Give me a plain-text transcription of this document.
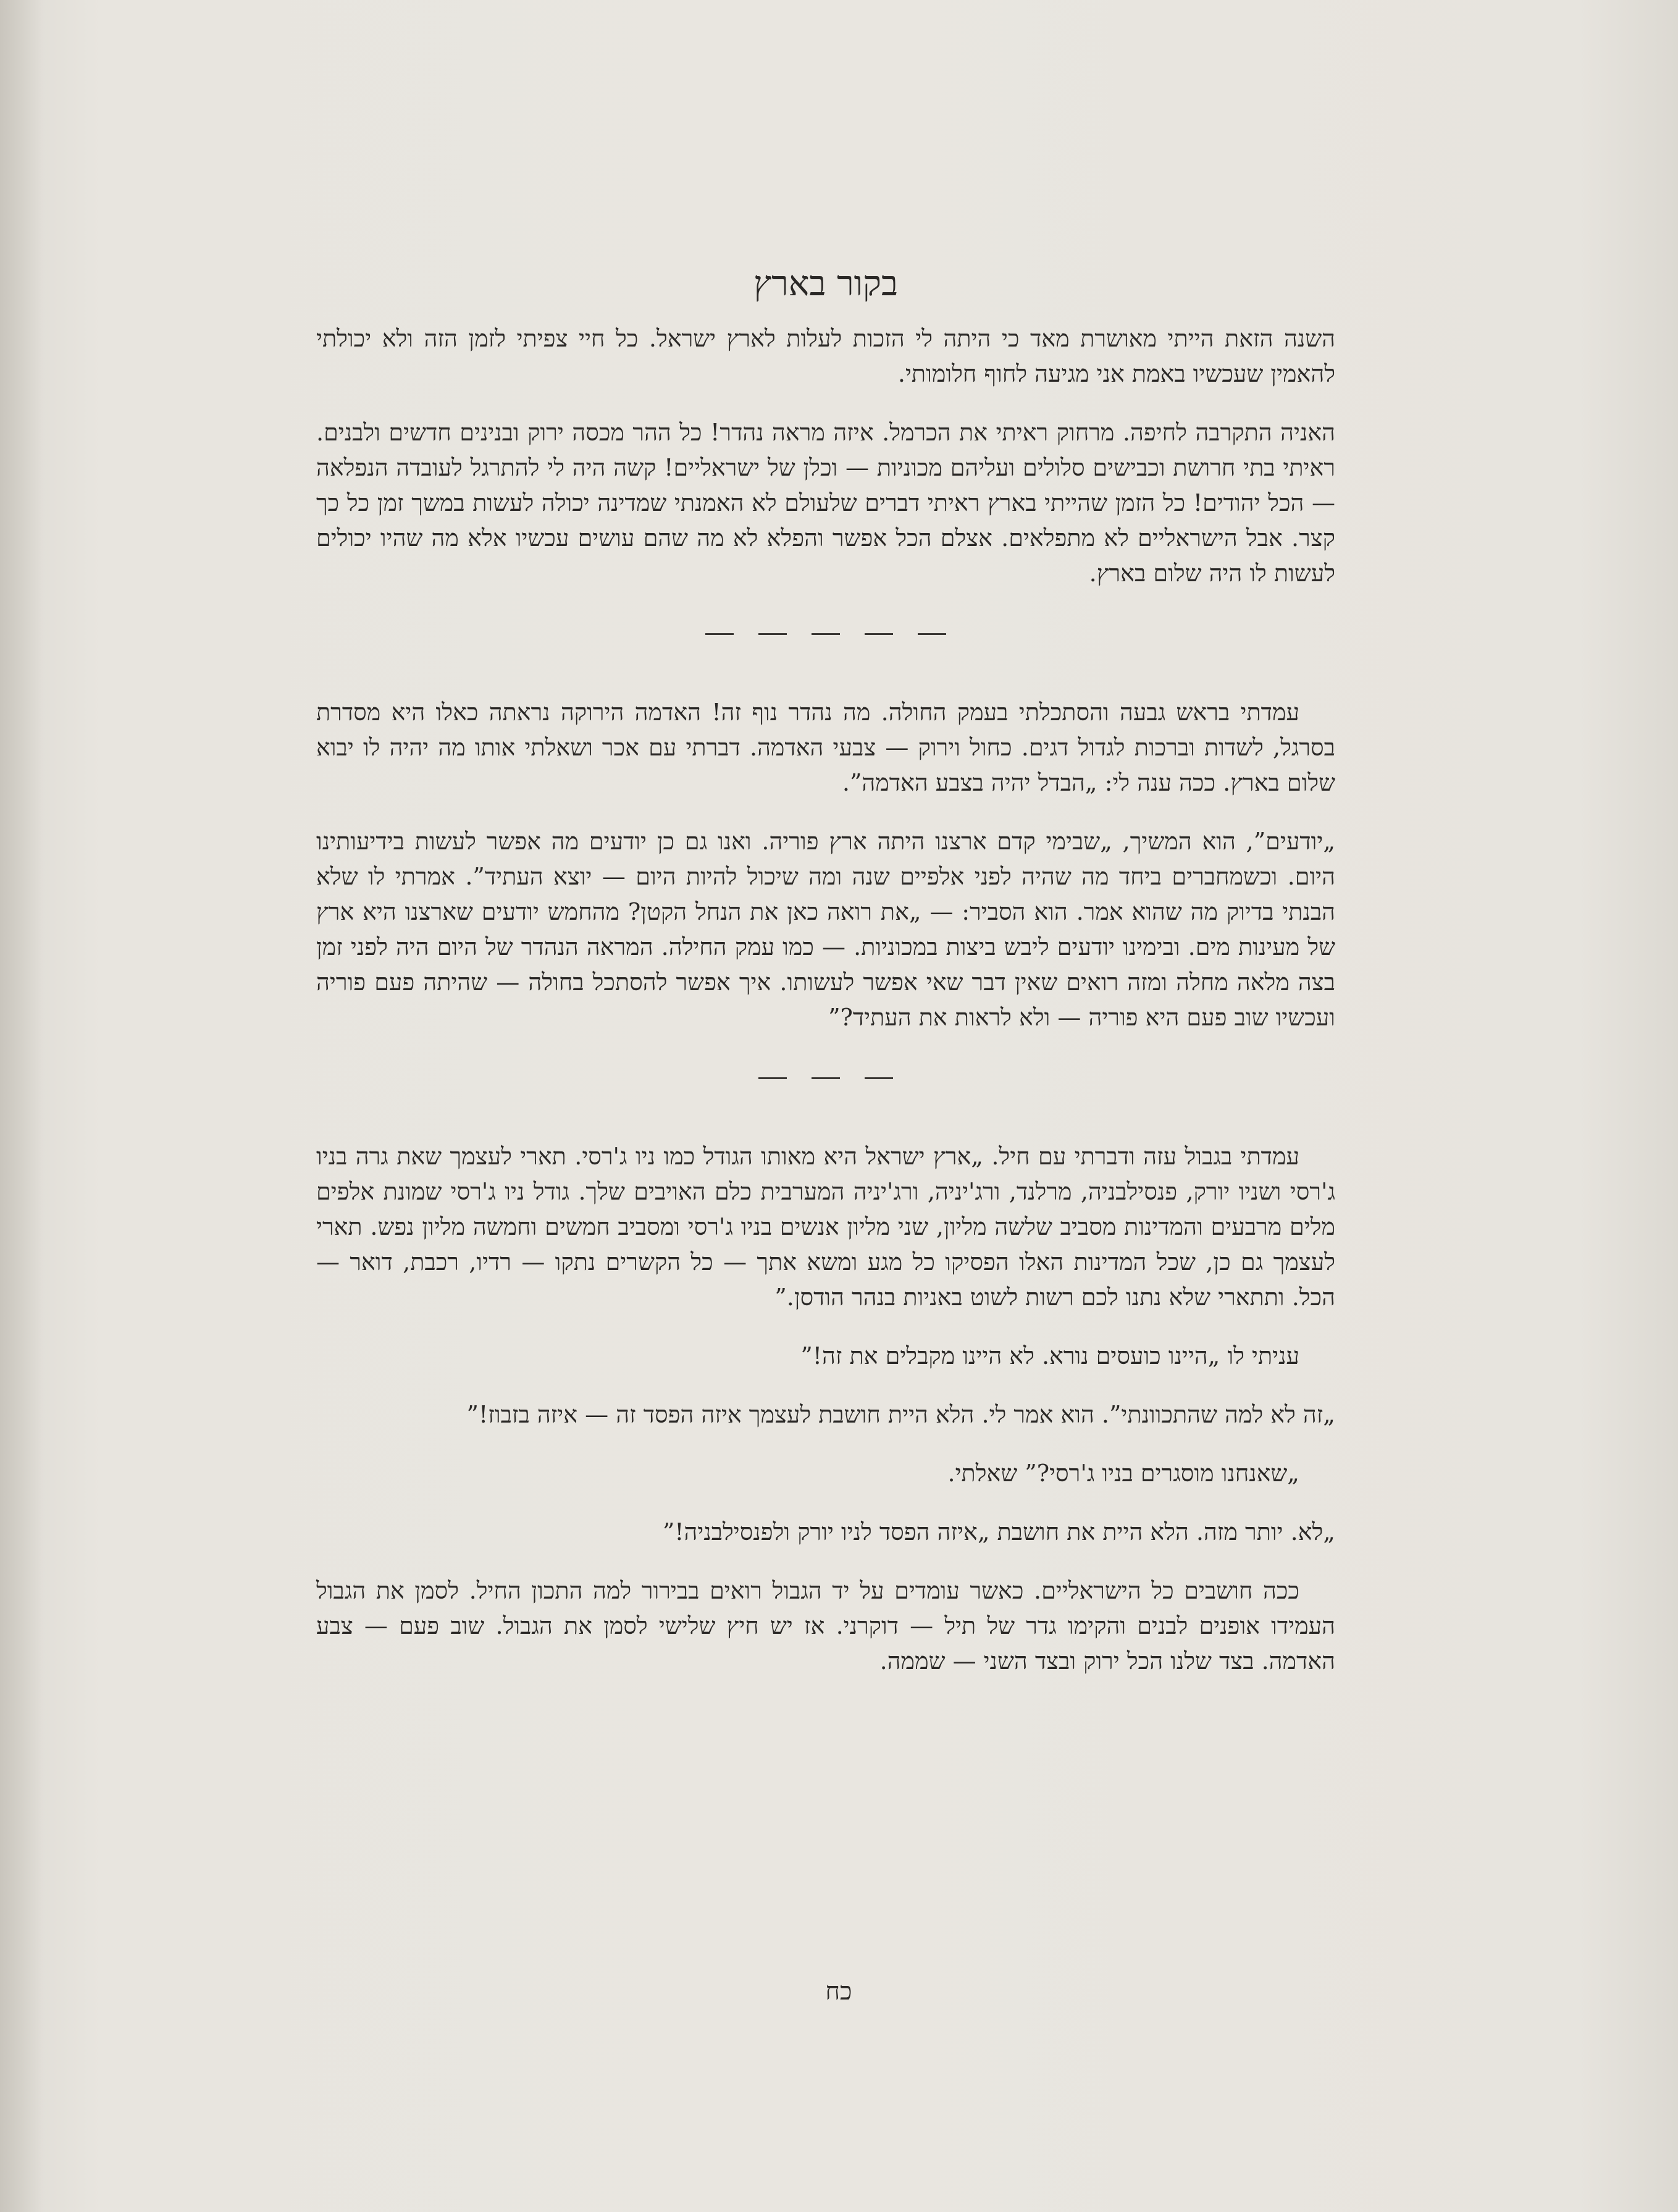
בקור בארץ

השנה הזאת הייתי מאושרת מאד כי היתה לי הזכות לעלות לארץ ישראל. כל חיי צפיתי לזמן הזה ולא יכולתי להאמין שעכשיו באמת אני מגיעה לחוף חלומותי.

האניה התקרבה לחיפה. מרחוק ראיתי את הכרמל. איזה מראה נהדר! כל ההר מכסה ירוק ובנינים חדשים ולבנים. ראיתי בתי חרושת וכבישים סלולים ועליהם מכוניות — וכלן של ישראליים! קשה היה לי להתרגל לעובדה הנפלאה — הכל יהודים! כל הזמן שהייתי בארץ ראיתי דברים שלעולם לא האמנתי שמדינה יכולה לעשות במשך זמן כל כך קצר. אבל הישראליים לא מתפלאים. אצלם הכל אפשר והפלא לא מה שהם עושים עכשיו אלא מה שהיו יכולים לעשות לו היה שלום בארץ.

עמדתי בראש גבעה והסתכלתי בעמק החולה. מה נהדר נוף זה! האדמה הירוקה נראתה כאלו היא מסדרת בסרגל, לשדות וברכות לגדול דגים. כחול וירוק — צבעי האדמה. דברתי עם אכר ושאלתי אותו מה יהיה לו יבוא שלום בארץ. ככה ענה לי: „הבדל יהיה בצבע האדמה”.

„יודעים”, הוא המשיך, „שבימי קדם ארצנו היתה ארץ פוריה. ואנו גם כן יודעים מה אפשר לעשות בידיעותינו היום. וכשמחברים ביחד מה שהיה לפני אלפיים שנה ומה שיכול להיות היום — יוצא העתיד”. אמרתי לו שלא הבנתי בדיוק מה שהוא אמר. הוא הסביר: — „את רואה כאן את הנחל הקטן? מהחמש יודעים שארצנו היא ארץ של מעינות מים. ובימינו יודעים ליבש ביצות במכוניות. — כמו עמק החילה. המראה הנהדר של היום היה לפני זמן בצה מלאה מחלה ומזה רואים שאין דבר שאי אפשר לעשותו. איך אפשר להסתכל בחולה — שהיתה פעם פוריה ועכשיו שוב פעם היא פוריה — ולא לראות את העתיד?”

עמדתי בגבול עזה ודברתי עם חיל. „ארץ ישראל היא מאותו הגודל כמו ניו ג'רסי. תארי לעצמך שאת גרה בניו ג'רסי ושניו יורק, פנסילבניה, מרלנד, ורג'יניה, ורג'יניה המערבית כלם האויבים שלך. גודל ניו ג'רסי שמונת אלפים מלים מרבעים והמדינות מסביב שלשה מליון, שני מליון אנשים בניו ג'רסי ומסביב חמשים וחמשה מליון נפש. תארי לעצמך גם כן, שכל המדינות האלו הפסיקו כל מגע ומשא אתך — כל הקשרים נתקו — רדיו, רכבת, דואר — הכל. ותתארי שלא נתנו לכם רשות לשוט באניות בנהר הודסן.”

עניתי לו „היינו כועסים נורא. לא היינו מקבלים את זה!”

„זה לא למה שהתכוונתי”. הוא אמר לי. הלא היית חושבת לעצמך איזה הפסד זה — איזה בזבוז!”

„שאנחנו מוסגרים בניו ג'רסי?” שאלתי.

„לא. יותר מזה. הלא היית את חושבת „איזה הפסד לניו יורק ולפנסילבניה!”

ככה חושבים כל הישראליים. כאשר עומדים על יד הגבול רואים בבירור למה התכון החיל. לסמן את הגבול העמידו אופנים לבנים והקימו גדר של תיל — דוקרני. אז יש חיץ שלישי לסמן את הגבול. שוב פעם — צבע האדמה. בצד שלנו הכל ירוק ובצד השני — שממה.

כח
